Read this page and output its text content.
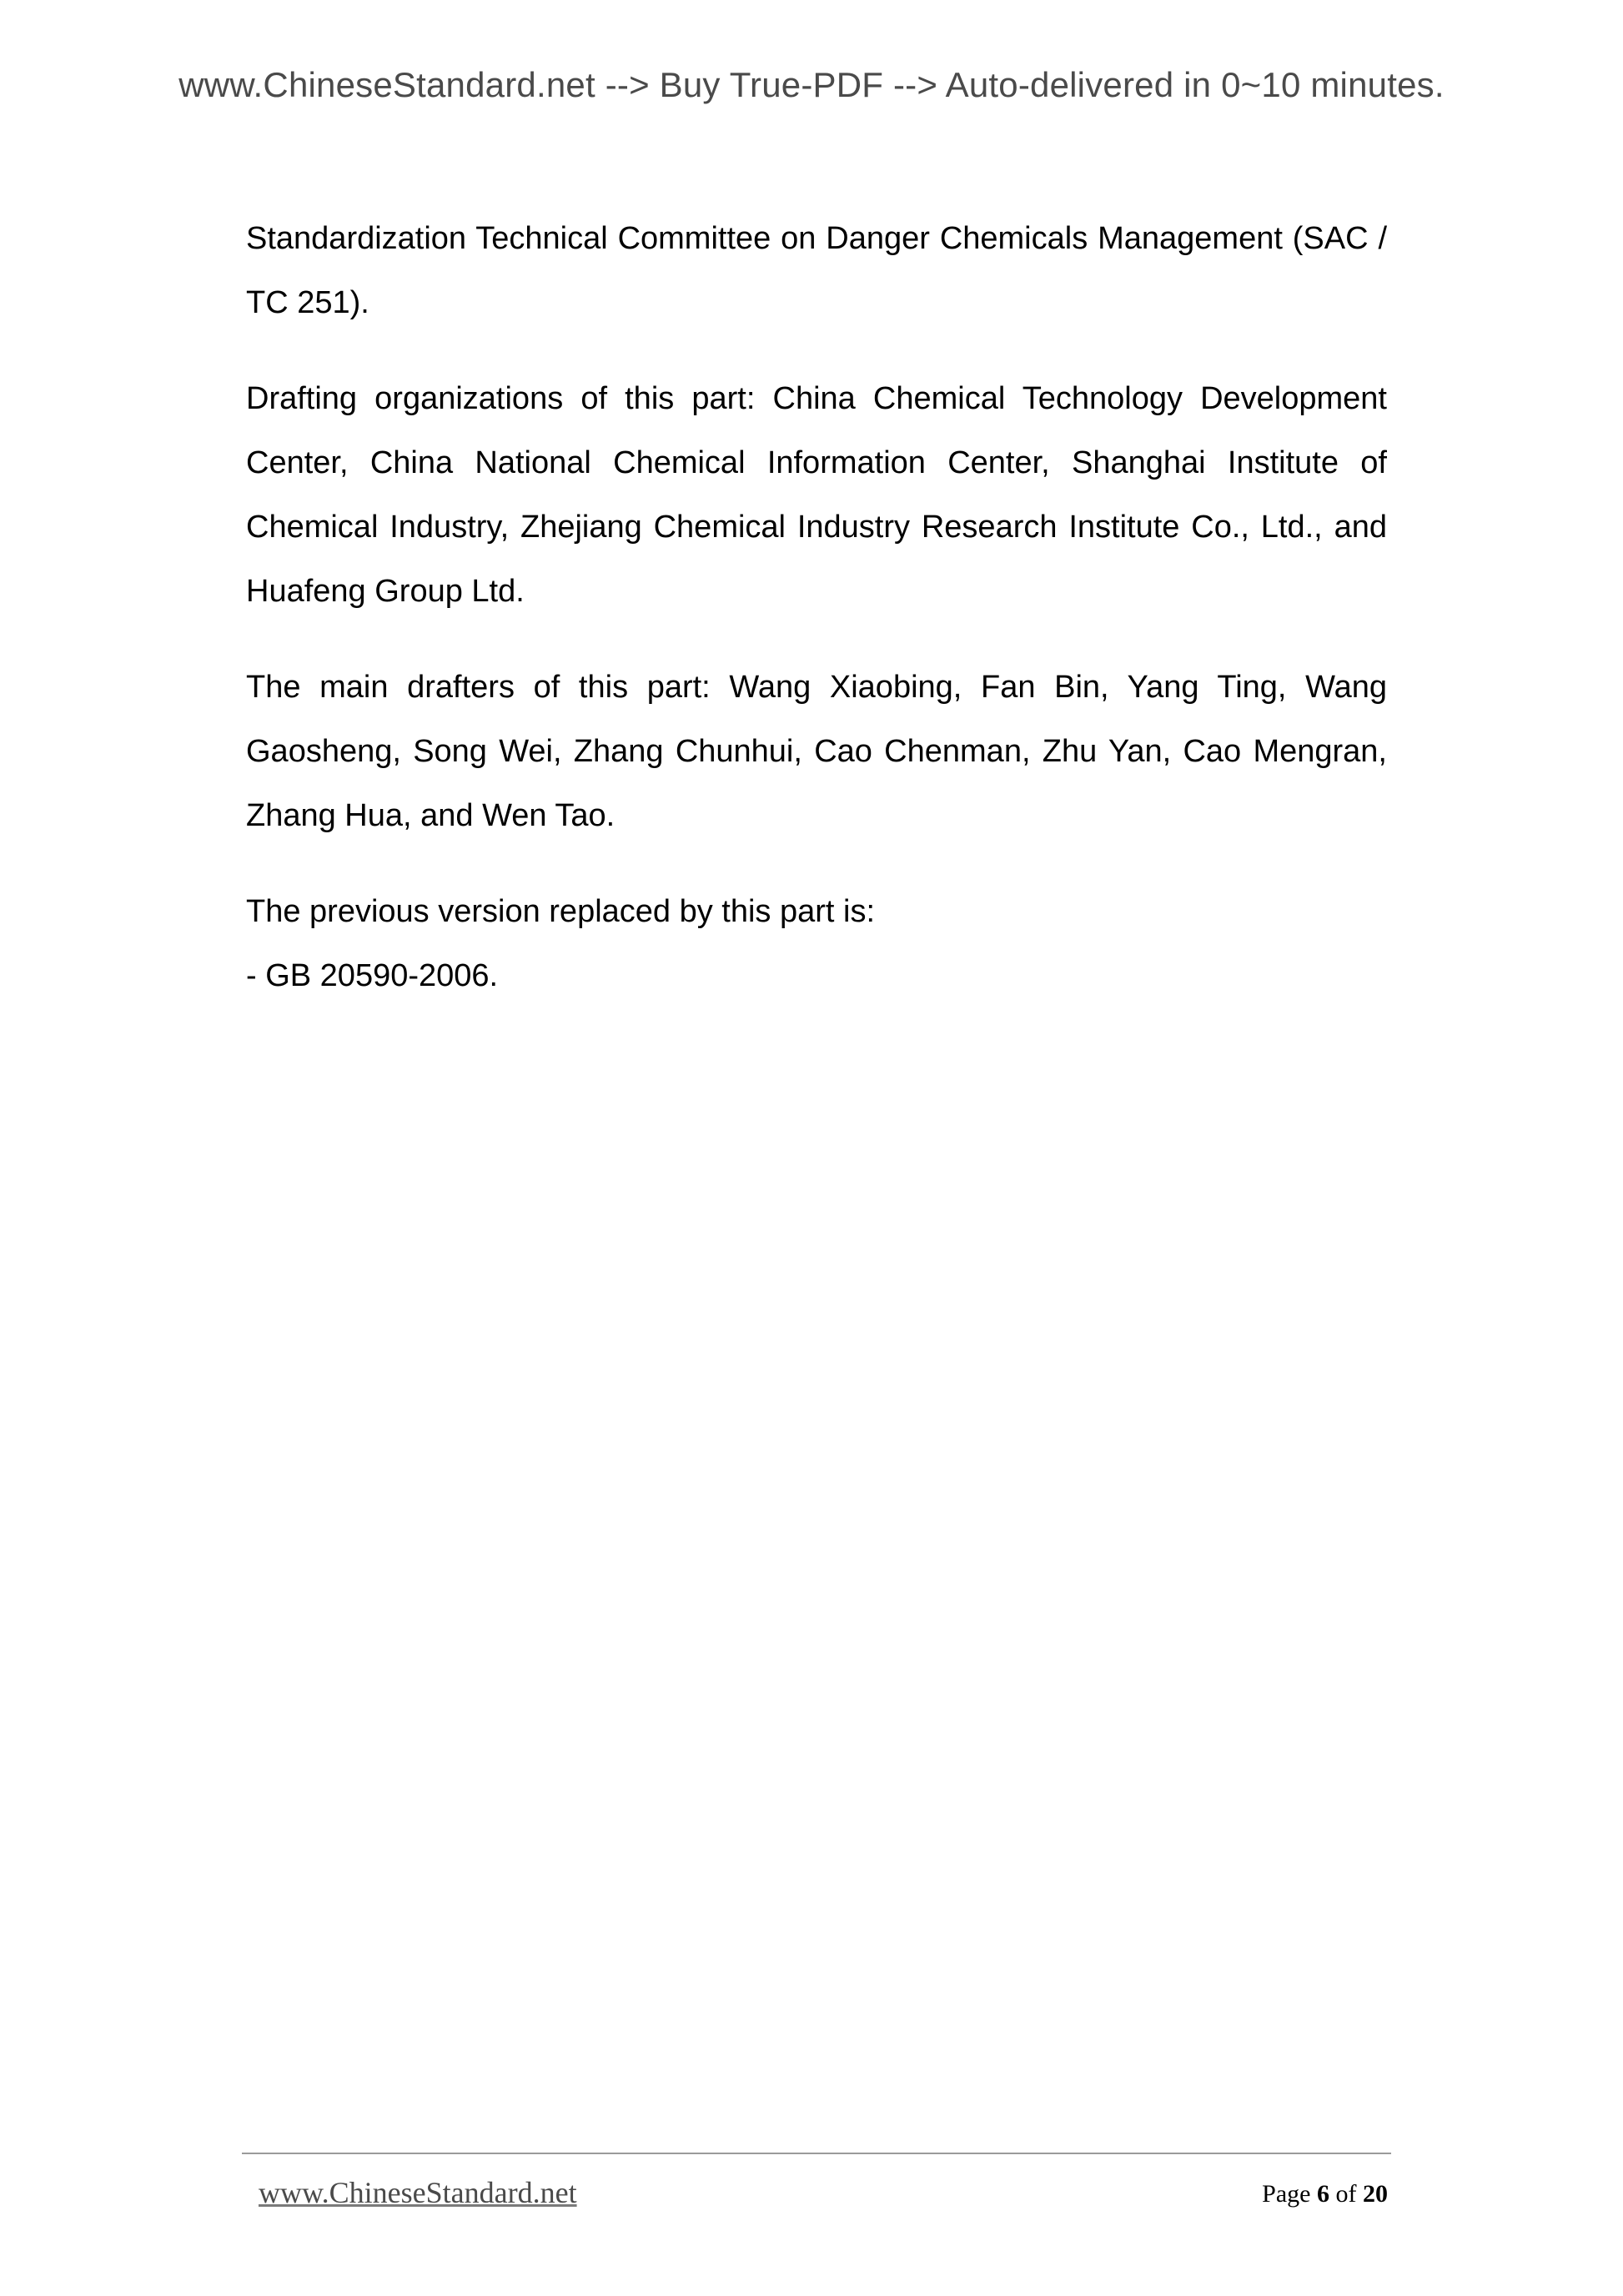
www.ChineseStandard.net --> Buy True-PDF --> Auto-delivered in 0~10 minutes.

Standardization Technical Committee on Danger Chemicals Management (SAC / TC 251).

Drafting organizations of this part: China Chemical Technology Development Center, China National Chemical Information Center, Shanghai Institute of Chemical Industry, Zhejiang Chemical Industry Research Institute Co., Ltd., and Huafeng Group Ltd.

The main drafters of this part: Wang Xiaobing, Fan Bin, Yang Ting, Wang Gaosheng, Song Wei, Zhang Chunhui, Cao Chenman, Zhu Yan, Cao Mengran, Zhang Hua, and Wen Tao.

The previous version replaced by this part is:

- GB 20590-2006.

www.ChineseStandard.net	Page 6 of 20
